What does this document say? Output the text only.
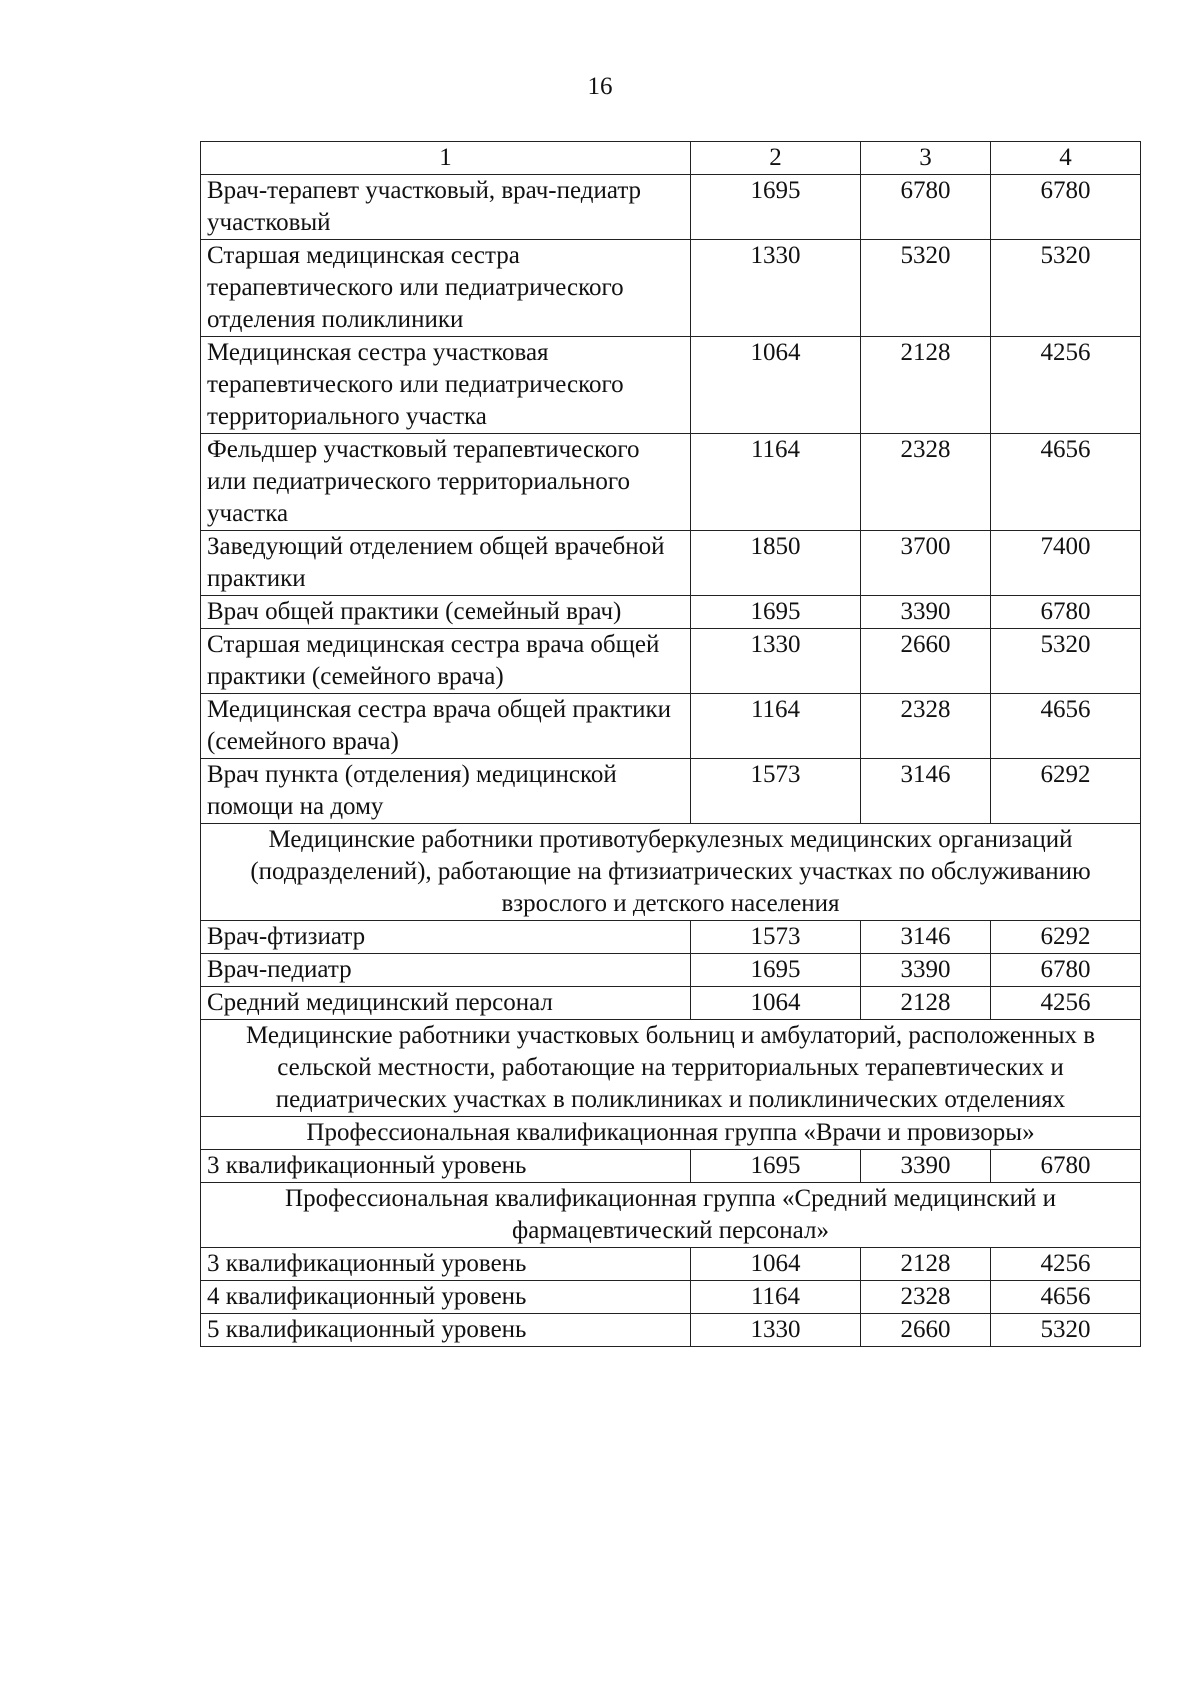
16
1	2	3	4
Врач-терапевт участковый, врач-педиатр участковый	1695	6780	6780
Старшая медицинская сестра терапевтического или педиатрического отделения поликлиники	1330	5320	5320
Медицинская сестра участковая терапевтического или педиатрического территориального участка	1064	2128	4256
Фельдшер участковый терапевтического или педиатрического территориального участка	1164	2328	4656
Заведующий отделением общей врачебной практики	1850	3700	7400
Врач общей практики (семейный врач)	1695	3390	6780
Старшая медицинская сестра врача общей практики (семейного врача)	1330	2660	5320
Медицинская сестра врача общей практики (семейного врача)	1164	2328	4656
Врач пункта (отделения) медицинской помощи на дому	1573	3146	6292
Медицинские работники противотуберкулезных медицинских организаций (подразделений), работающие на фтизиатрических участках по обслуживанию взрослого и детского населения			
Врач-фтизиатр	1573	3146	6292
Врач-педиатр	1695	3390	6780
Средний медицинский персонал	1064	2128	4256
Медицинские работники участковых больниц и амбулаторий, расположенных в сельской местности, работающие на территориальных терапевтических и педиатрических участках в поликлиниках и поликлинических отделениях			
Профессиональная квалификационная группа «Врачи и провизоры»			
3 квалификационный уровень	1695	3390	6780
Профессиональная квалификационная группа «Средний медицинский и фармацевтический персонал»			
3 квалификационный уровень	1064	2128	4256
4 квалификационный уровень	1164	2328	4656
5 квалификационный уровень	1330	2660	5320
